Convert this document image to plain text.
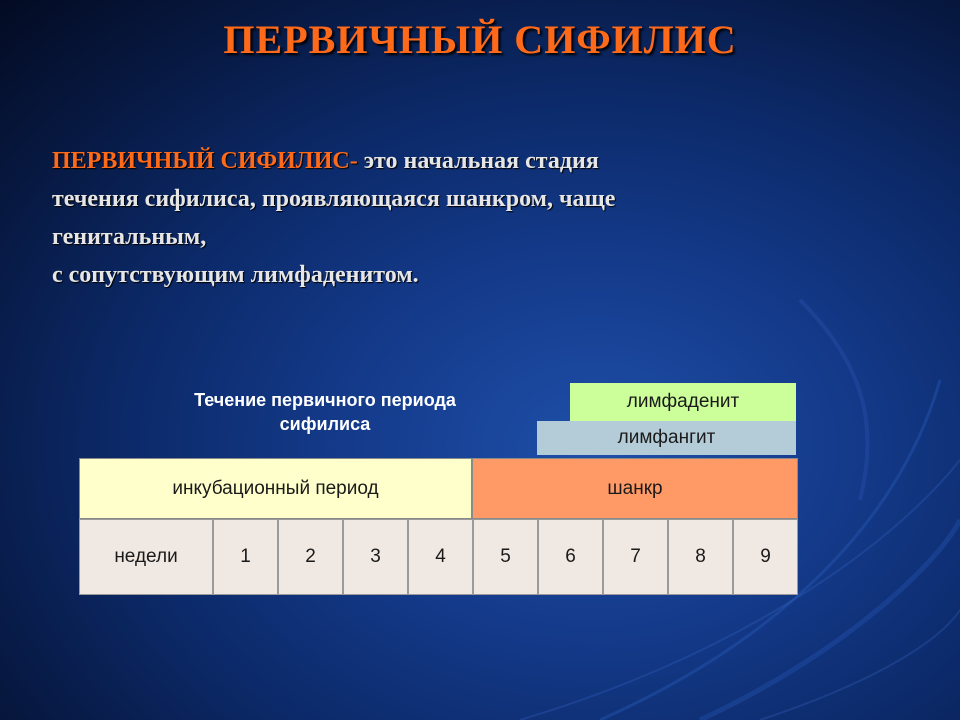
ПЕРВИЧНЫЙ СИФИЛИС
ПЕРВИЧНЫЙ СИФИЛИС- это начальная стадия
течения сифилиса, проявляющаяся шанкром, чаще
генитальным,
с сопутствующим лимфаденитом.
Течение первичного периода
сифилиса
лимфаденит
лимфангит
инкубационный период	шанкр
недели	1	2	3	4	5	6	7	8	9
